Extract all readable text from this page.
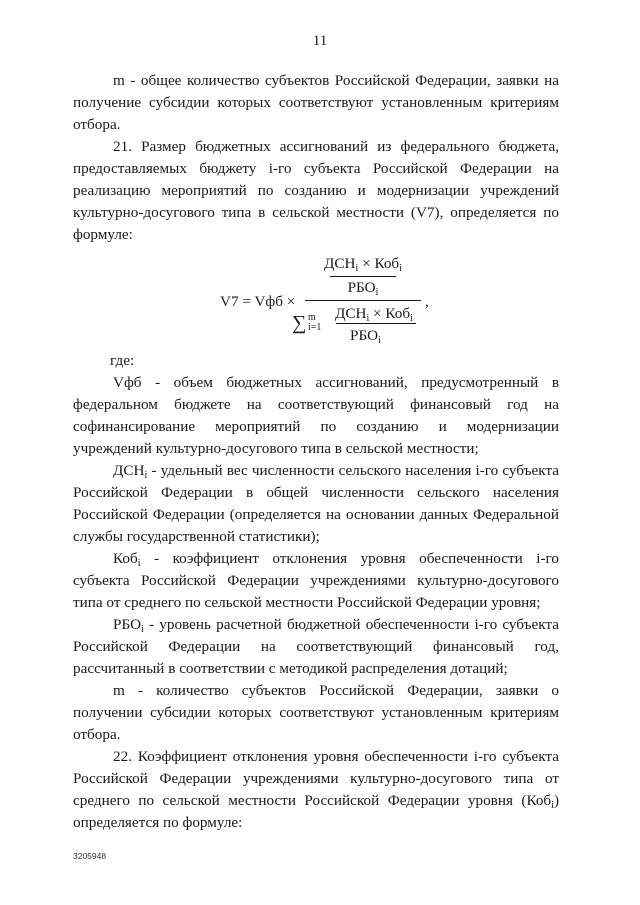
11

m - общее количество субъектов Российской Федерации, заявки на получение субсидии которых соответствуют установленным критериям отбора.

21. Размер бюджетных ассигнований из федерального бюджета, предоставляемых бюджету i-го субъекта Российской Федерации на реализацию мероприятий по созданию и модернизации учреждений культурно-досугового типа в сельской местности (V7), определяется по формуле:

V7 = Vфб ×
$ДСН_i \times Коб_i$
$РБО_i$
,
∑ m
i=1
$ДСН_i \times Коб_i$
$РБО_i$

где:

Vфб - объем бюджетных ассигнований, предусмотренный в федеральном бюджете на соответствующий финансовый год на софинансирование мероприятий по созданию и модернизации учреждений культурно-досугового типа в сельской местности;

$ДСН_i$ - удельный вес численности сельского населения i-го субъекта Российской Федерации в общей численности сельского населения Российской Федерации (определяется на основании данных Федеральной службы государственной статистики);

Коб$_i$ - коэффициент отклонения уровня обеспеченности i-го субъекта Российской Федерации учреждениями культурно-досугового типа от среднего по сельской местности Российской Федерации уровня;

$РБО_i$ - уровень расчетной бюджетной обеспеченности i-го субъекта Российской Федерации на соответствующий финансовый год, рассчитанный в соответствии с методикой распределения дотаций;

m - количество субъектов Российской Федерации, заявки о получении субсидии которых соответствуют установленным критериям отбора.

22. Коэффициент отклонения уровня обеспеченности i-го субъекта Российской Федерации учреждениями культурно-досугового типа от среднего по сельской местности Российской Федерации уровня (Коб$_i$) определяется по формуле:

3205948
